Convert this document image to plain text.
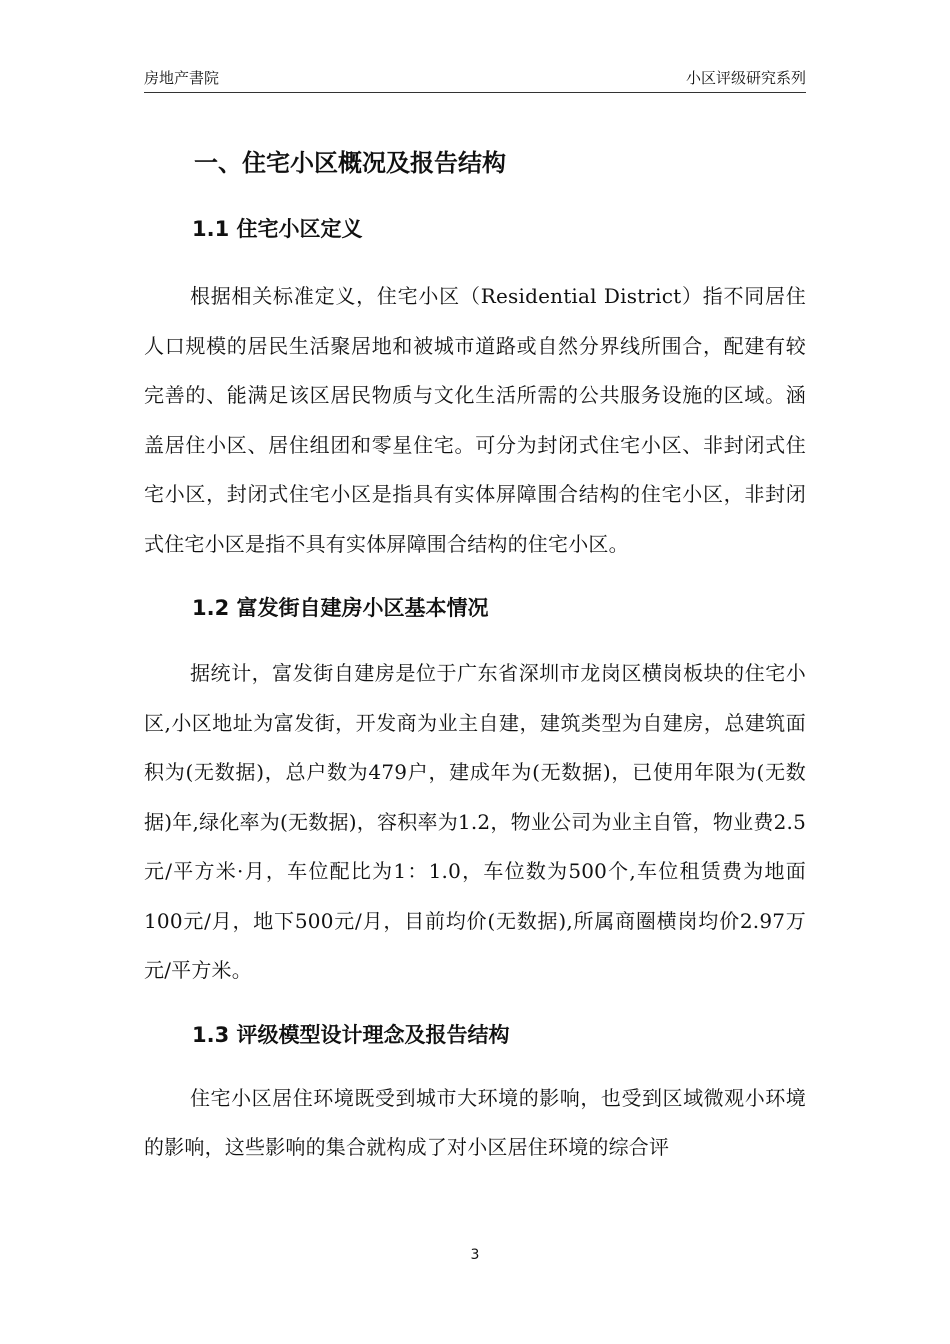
房地产書院	小区评级研究系列
一、住宅小区概况及报告结构
1.1 住宅小区定义

根据相关标准定义，住宅小区（Residential District）指不同居住人口规模的居民生活聚居地和被城市道路或自然分界线所围合，配建有较完善的、能满足该区居民物质与文化生活所需的公共服务设施的区域。涵盖居住小区、居住组团和零星住宅。可分为封闭式住宅小区、非封闭式住宅小区，封闭式住宅小区是指具有实体屏障围合结构的住宅小区，非封闭式住宅小区是指不具有实体屏障围合结构的住宅小区。

1.2 富发街自建房小区基本情况

据统计，富发街自建房是位于广东省深圳市龙岗区横岗板块的住宅小区,小区地址为富发街，开发商为业主自建，建筑类型为自建房，总建筑面积为(无数据)，总户数为479户，建成年为(无数据)，已使用年限为(无数据)年,绿化率为(无数据)，容积率为1.2，物业公司为业主自管，物业费2.5元/平方米·月，车位配比为1：1.0，车位数为500个,车位租赁费为地面100元/月，地下500元/月，目前均价(无数据),所属商圈横岗均价2.97万元/平方米。

1.3 评级模型设计理念及报告结构

住宅小区居住环境既受到城市大环境的影响，也受到区域微观小环境的影响，这些影响的集合就构成了对小区居住环境的综合评

3
